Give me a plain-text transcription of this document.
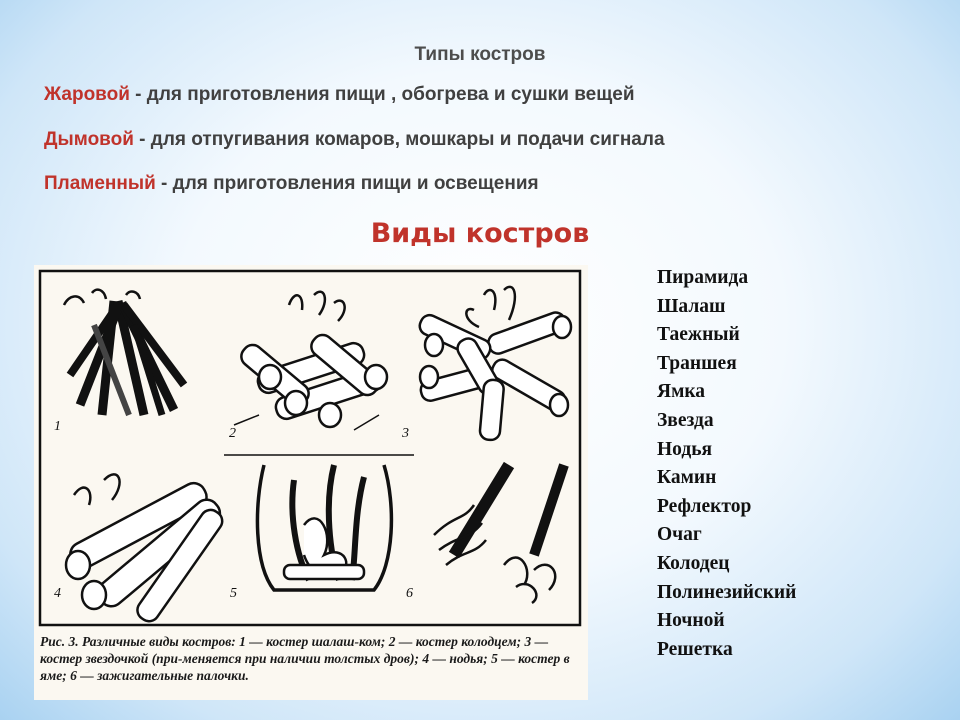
Типы костров
Жаровой - для приготовления пищи , обогрева и сушки вещей
Дымовой - для отпугивания комаров, мошкары и подачи сигнала
Пламенный - для приготовления пищи и освещения
Виды костров
1	2	3
4	5	6
Рис. 3. Различные виды костров: 1 — костер шалаш-ком; 2 — костер колодцем; 3 — костер звездочкой (при-меняется при наличии толстых дров); 4 — нодья; 5 — костер в яме; 6 — зажигательные палочки.
Пирамида
Шалаш
Таежный
Траншея
Ямка
Звезда
Нодья
Камин
Рефлектор
Очаг
Колодец
Полинезийский
Ночной
Решетка
